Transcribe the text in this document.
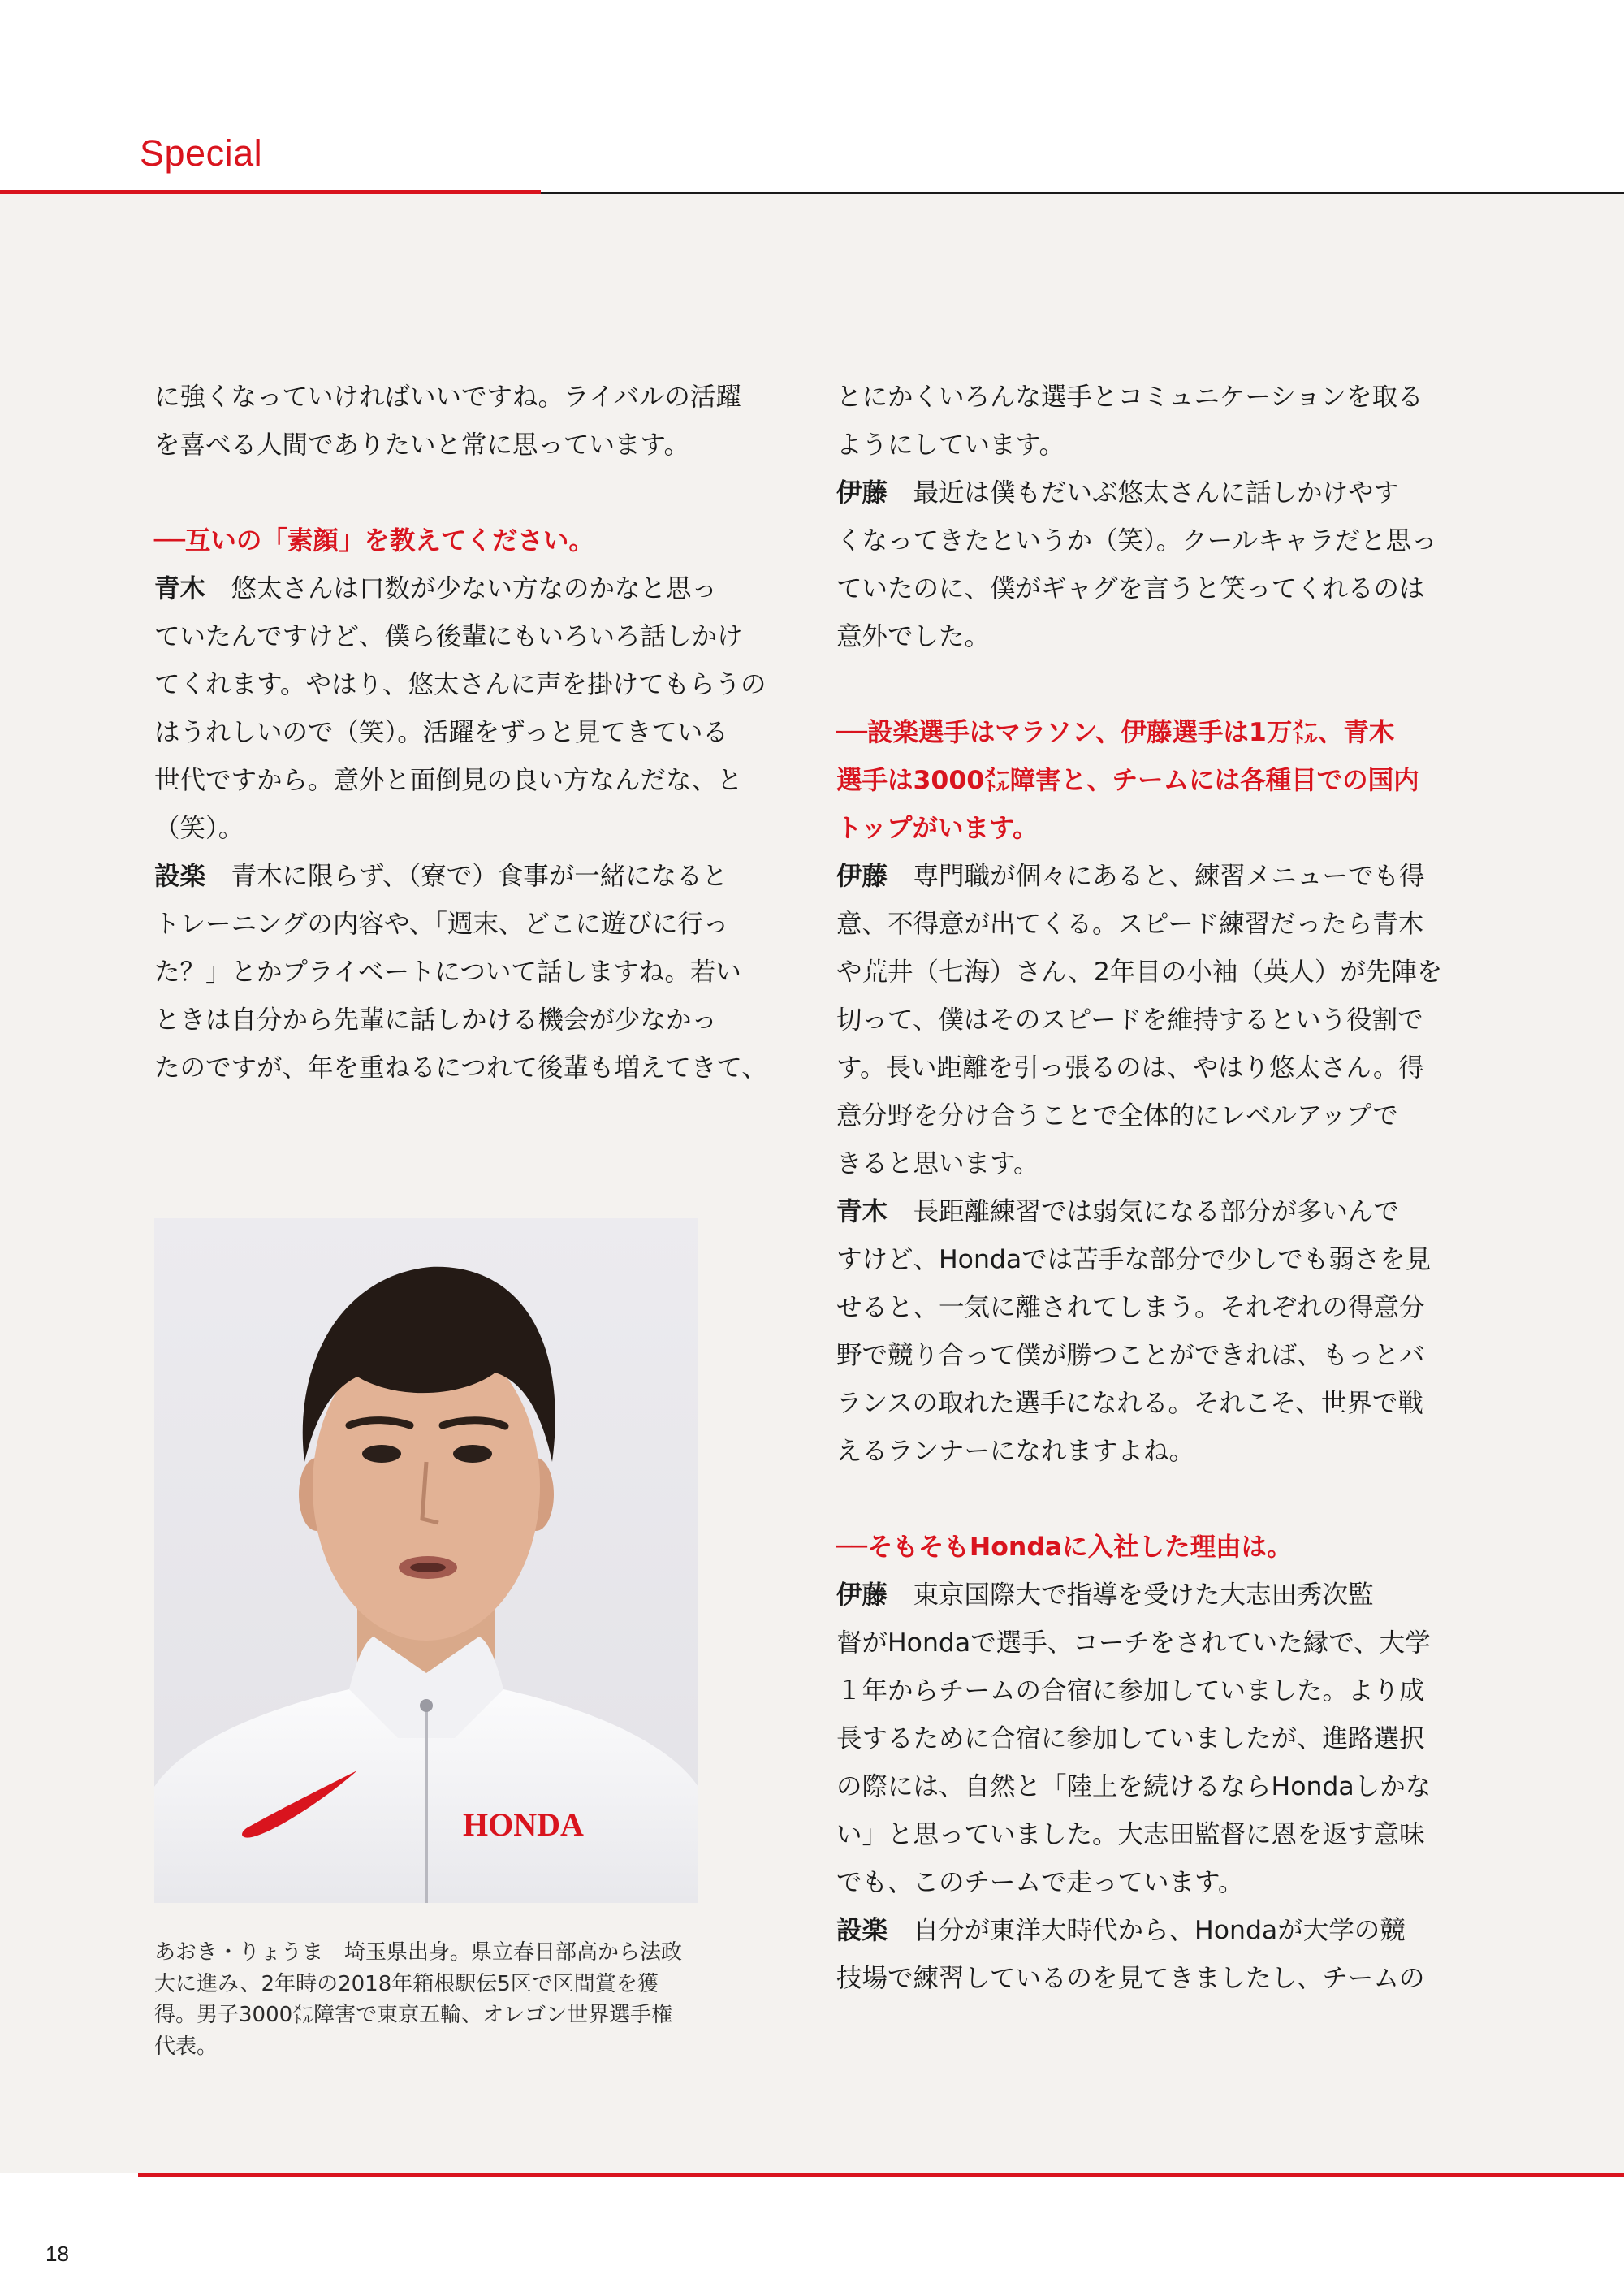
Special

に強くなっていければいいですね。ライバルの活躍

を喜べる人間でありたいと常に思っています。

──互いの「素顔」を教えてください。

青木　悠太さんは口数が少ない方なのかなと思っ

ていたんですけど、僕ら後輩にもいろいろ話しかけ

てくれます。やはり、悠太さんに声を掛けてもらうの

はうれしいので（笑）。活躍をずっと見てきている

世代ですから。意外と面倒見の良い方なんだな、と

（笑）。

設楽　青木に限らず、（寮で）食事が一緒になると

トレーニングの内容や、「週末、どこに遊びに行っ

た？」とかプライベートについて話しますね。若い

ときは自分から先輩に話しかける機会が少なかっ

たのですが、年を重ねるにつれて後輩も増えてきて、

とにかくいろんな選手とコミュニケーションを取る

ようにしています。

伊藤　最近は僕もだいぶ悠太さんに話しかけやす

くなってきたというか（笑）。クールキャラだと思っ

ていたのに、僕がギャグを言うと笑ってくれるのは

意外でした。

──設楽選手はマラソン、伊藤選手は1万㍍、青木

選手は3000㍍障害と、チームには各種目での国内

トップがいます。

伊藤　専門職が個々にあると、練習メニューでも得

意、不得意が出てくる。スピード練習だったら青木

や荒井（七海）さん、2年目の小袖（英人）が先陣を

切って、僕はそのスピードを維持するという役割で

す。長い距離を引っ張るのは、やはり悠太さん。得

意分野を分け合うことで全体的にレベルアップで

きると思います。

青木　長距離練習では弱気になる部分が多いんで

すけど、Hondaでは苦手な部分で少しでも弱さを見

せると、一気に離されてしまう。それぞれの得意分

野で競り合って僕が勝つことができれば、もっとバ

ランスの取れた選手になれる。それこそ、世界で戦

えるランナーになれますよね。

──そもそもHondaに入社した理由は。

伊藤　東京国際大で指導を受けた大志田秀次監

督がHondaで選手、コーチをされていた縁で、大学

１年からチームの合宿に参加していました。より成

長するために合宿に参加していましたが、進路選択

の際には、自然と「陸上を続けるならHondaしかな

い」と思っていました。大志田監督に恩を返す意味

でも、このチームで走っています。

設楽　自分が東洋大時代から、Hondaが大学の競

技場で練習しているのを見てきましたし、チームの

HONDA

あおき・りょうま　埼玉県出身。県立春日部高から法政

大に進み、2年時の2018年箱根駅伝5区で区間賞を獲

得。男子3000㍍障害で東京五輪、オレゴン世界選手権

代表。

18
